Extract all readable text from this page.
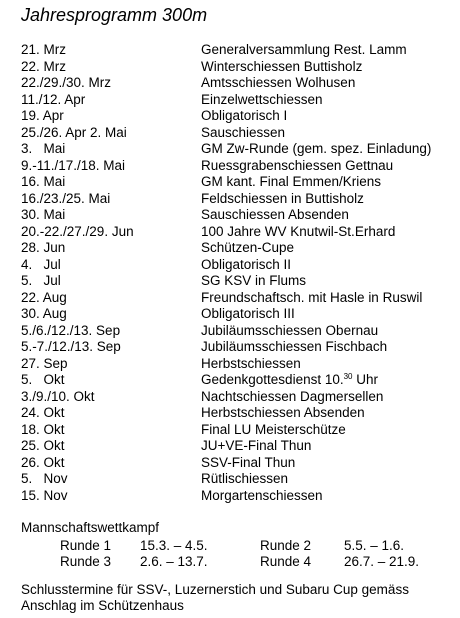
Jahresprogramm 300m
21. Mrz	Generalversammlung Rest. Lamm
22. Mrz	Winterschiessen Buttisholz
22./29./30. Mrz	Amtsschiessen Wolhusen
11./12. Apr	Einzelwettschiessen
19. Apr	Obligatorisch I
25./26. Apr 2. Mai	Sauschiessen
3.   Mai	GM Zw-Runde (gem. spez. Einladung)
9.-11./17./18. Mai	Ruessgrabenschiessen Gettnau
16. Mai	GM kant. Final Emmen/Kriens
16./23./25. Mai	Feldschiessen in Buttisholz
30. Mai	Sauschiessen Absenden
20.-22./27./29. Jun	100 Jahre WV Knutwil-St.Erhard
28. Jun	Schützen-Cupe
4.   Jul	Obligatorisch II
5.   Jul	SG KSV in Flums
22. Aug	Freundschaftsch. mit Hasle in Ruswil
30. Aug	Obligatorisch III
5./6./12./13. Sep	Jubiläumsschiessen Obernau
5.-7./12./13. Sep	Jubiläumsschiessen Fischbach
27. Sep	Herbstschiessen
5.   Okt	Gedenkgottesdienst 10.30 Uhr
3./9./10. Okt	Nachtschiessen Dagmersellen
24. Okt	Herbstschiessen Absenden
18. Okt	Final LU Meisterschütze
25. Okt	JU+VE-Final Thun
26. Okt	SSV-Final Thun
5.   Nov	Rütlischiessen
15. Nov	Morgartenschiessen
Mannschaftswettkampf
Runde 1 15.3. – 4.5.	Runde 2 5.5. – 1.6.
Runde 3 2.6. – 13.7.	Runde 4 26.7. – 21.9.
Schlusstermine für SSV-, Luzernerstich und Subaru Cup gemäss
Anschlag im Schützenhaus
